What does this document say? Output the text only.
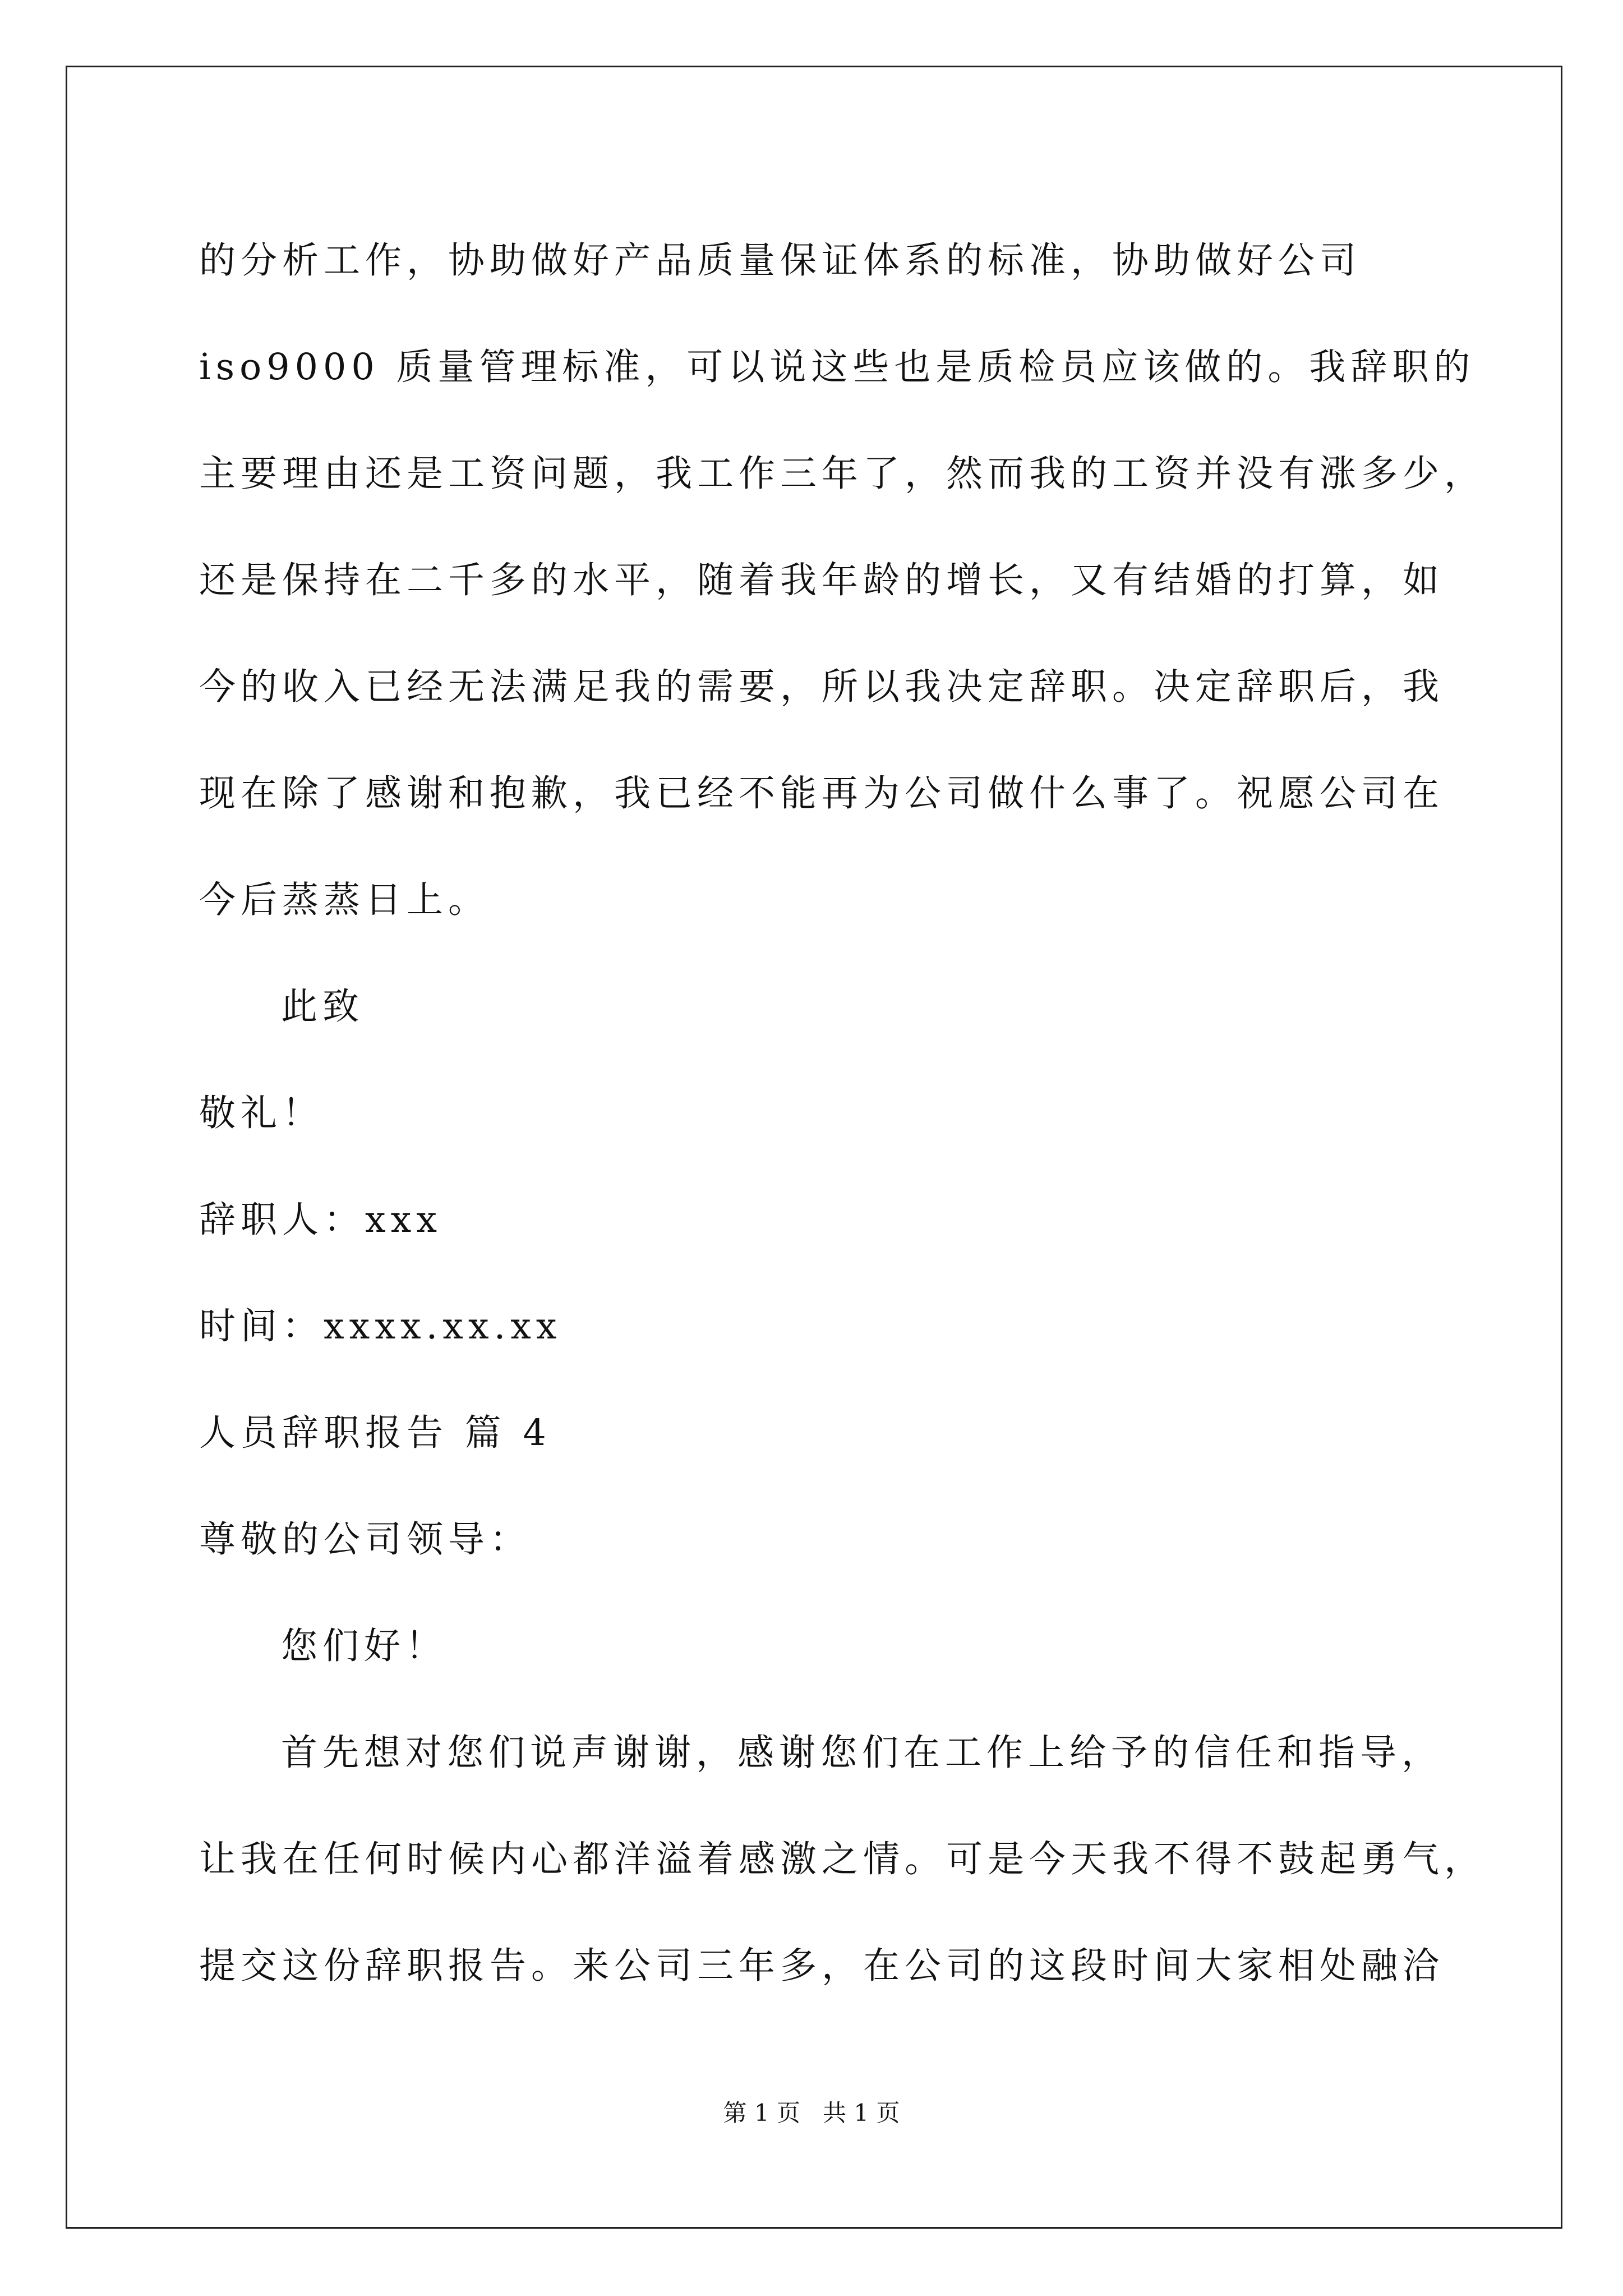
的分析工作，协助做好产品质量保证体系的标准，协助做好公司
iso9000 质量管理标准，可以说这些也是质检员应该做的。我辞职的
主要理由还是工资问题，我工作三年了，然而我的工资并没有涨多少，
还是保持在二千多的水平，随着我年龄的增长，又有结婚的打算，如
今的收入已经无法满足我的需要，所以我决定辞职。决定辞职后，我
现在除了感谢和抱歉，我已经不能再为公司做什么事了。祝愿公司在
今后蒸蒸日上。
此致
敬礼！
辞职人：xxx
时间：xxxx.xx.xx
人员辞职报告 篇 4
尊敬的公司领导：
您们好！
首先想对您们说声谢谢，感谢您们在工作上给予的信任和指导，
让我在任何时候内心都洋溢着感激之情。可是今天我不得不鼓起勇气，
提交这份辞职报告。来公司三年多，在公司的这段时间大家相处融洽
第 1 页   共 1 页
